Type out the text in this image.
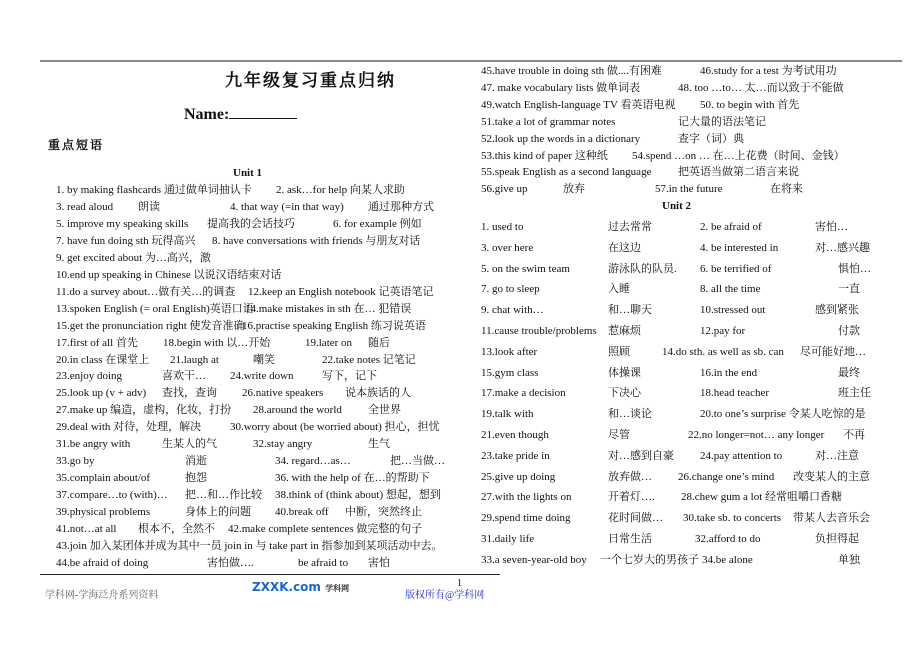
九年级复习重点归纳
Name:
重点短语
Unit 1
Unit 2
1. by making flashcards 通过做单词抽认卡 2. ask…for help 向某人求助
3. read aloud 朗读	4. that way (=in that way) 通过那种方式
5. improve my speaking skills 提高我的会话技巧	6. for example 例如
7. have fun doing sth 玩得高兴 8. have conversations with friends 与朋友对话
9. get excited about 为…高兴，激
10.end up speaking in Chinese 以说汉语结束对话
11.do a survey about…做有关…的调查 12.keep an English notebook 记英语笔记
13.spoken English (= oral English)英语口语
14.make mistakes in sth 在… 犯错误
15.get the pronunciation right 使发音准确
16.practise speaking English 练习说英语
17.first of all 首先 18.begin with 以…开始	19.later on 随后
20.in class 在课堂上 21.laugh at	嘲笑	22.take notes 记笔记
23.enjoy doing	喜欢干… 24.write down	写下，记下
25.look up (v + adv) 查找，查询 26.native speakers 说本族话的人
27.make up 编造，虚构，化妆，打扮 28.around the world 全世界
29.deal with 对待，处理，解决	30.worry about (be worried about) 担心，担忧
31.be angry with	生某人的气	32.stay angry	生气
33.go by	消逝	34. regard…as…	把…当做…
35.complain about/of	抱怨	36. with the help of 在…的帮助下
37.compare…to (with)… 把…和…作比较 38.think of (think about) 想起，想到
39.physical problems	身体上的问题 40.break off 中断，突然终止
41.not…at all 根本不，全然不 42.make complete sentences 做完整的句子
43.join 加入某团体并成为其中一员 join in 与 take part in 指参加到某项活动中去。
44.be afraid of doing	害怕做….	be afraid to 害怕
45.have trouble in doing sth 做....有困难	46.study for a test 为考试用功
47. make vocabulary lists 做单词表	48. too …to… 太…而以致于不能做
49.watch English-language TV 看英语电视 50. to begin with 首先
51.take a lot of grammar notes	记大量的语法笔记
52.look up the words in a dictionary	查字（词）典
53.this kind of paper 这种纸 54.spend …on … 在…上花费（时间、金钱）
55.speak English as a second language 把英语当做第二语言来说
56.give up	放弃	57.in the future	在将来
1. used to	过去常常	2. be afraid of	害怕…
3. over here	在这边	4. be interested in	对…感兴趣
5. on the swim team	游泳队的队员. 6. be terrified of	惧怕…
7. go to sleep	入睡	8. all the time	一直
9. chat with…	和…聊天	10.stressed out	感到紧张
11.cause trouble/problems 惹麻烦	12.pay for	付款
13.look after	照顾	14.do sth. as well as sb. can 尽可能好地…
15.gym class	体操课	16.in the end	最终
17.make a decision	下决心	18.head teacher	班主任
19.talk with	和…谈论	20.to one’s surprise 令某人吃惊的是
21.even though	尽管	22.no longer=not… any longer 不再
23.take pride in	对…感到自豪 24.pay attention to	对…注意
25.give up doing	放弃做… 26.change one’s mind 改变某人的主意
27.with the lights on	开着灯…. 28.chew gum a lot 经常咀嚼口香糖
29.spend time doing	花时间做… 30.take sb. to concerts 带某人去音乐会
31.daily life	日常生活	32.afford to do	负担得起
33.a seven-year-old boy 一个七岁大的男孩子 34.be alone	单独
学科网-学海泛舟系列资料
ZXXK.com 学科网	1
版权所有@学科网
